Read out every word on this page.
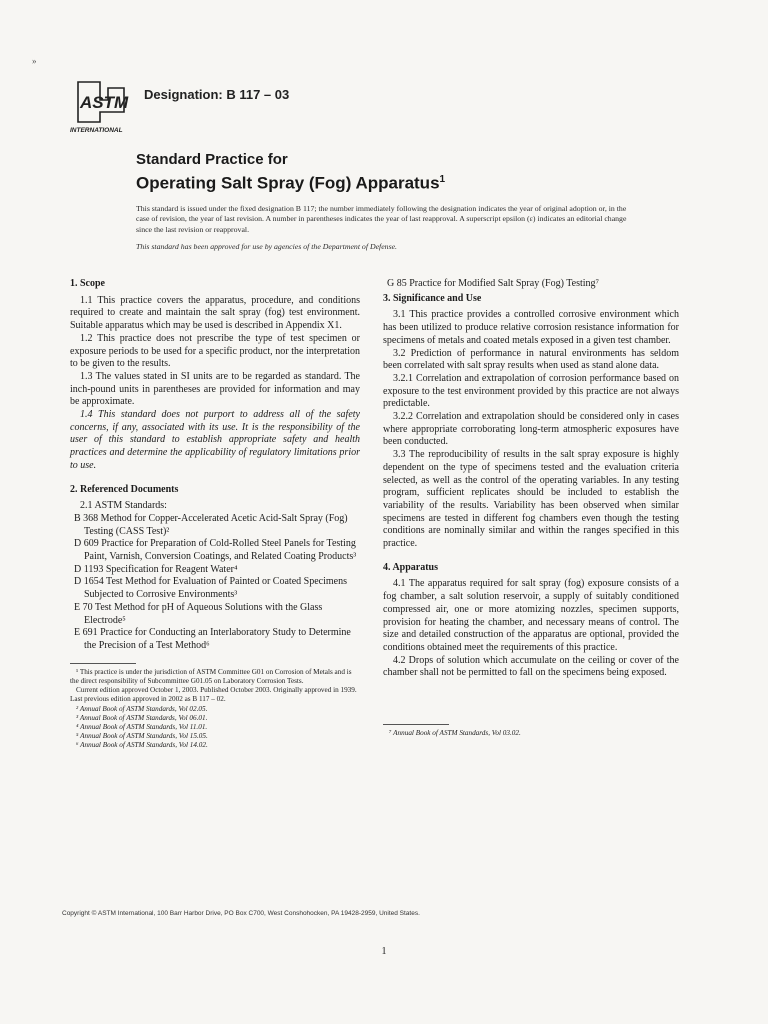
»
ASTM
INTERNATIONAL
Designation: B 117 – 03
Standard Practice for
Operating Salt Spray (Fog) Apparatus$^1$
This standard is issued under the fixed designation B 117; the number immediately following the designation indicates the year of original adoption or, in the case of revision, the year of last revision. A number in parentheses indicates the year of last reapproval. A superscript epsilon (ε) indicates an editorial change since the last revision or reapproval.
This standard has been approved for use by agencies of the Department of Defense.

1. Scope

1.1 This practice covers the apparatus, procedure, and conditions required to create and maintain the salt spray (fog) test environment. Suitable apparatus which may be used is described in Appendix X1.

1.2 This practice does not prescribe the type of test specimen or exposure periods to be used for a specific product, nor the interpretation to be given to the results.

1.3 The values stated in SI units are to be regarded as standard. The inch-pound units in parentheses are provided for information and may be approximate.

1.4 This standard does not purport to address all of the safety concerns, if any, associated with its use. It is the responsibility of the user of this standard to establish appropriate safety and health practices and determine the applicability of regulatory limitations prior to use.

2. Referenced Documents

2.1 ASTM Standards:

B 368 Method for Copper-Accelerated Acetic Acid-Salt Spray (Fog) Testing (CASS Test)²

D 609 Practice for Preparation of Cold-Rolled Steel Panels for Testing Paint, Varnish, Conversion Coatings, and Related Coating Products³

D 1193 Specification for Reagent Water⁴

D 1654 Test Method for Evaluation of Painted or Coated Specimens Subjected to Corrosive Environments³

E 70 Test Method for pH of Aqueous Solutions with the Glass Electrode⁵

E 691 Practice for Conducting an Interlaboratory Study to Determine the Precision of a Test Method⁶

¹ This practice is under the jurisdiction of ASTM Committee G01 on Corrosion of Metals and is the direct responsibility of Subcommittee G01.05 on Laboratory Corrosion Tests.

Current edition approved October 1, 2003. Published October 2003. Originally approved in 1939. Last previous edition approved in 2002 as B 117 – 02.

² Annual Book of ASTM Standards, Vol 02.05.

³ Annual Book of ASTM Standards, Vol 06.01.

⁴ Annual Book of ASTM Standards, Vol 11.01.

⁵ Annual Book of ASTM Standards, Vol 15.05.

⁶ Annual Book of ASTM Standards, Vol 14.02.

G 85 Practice for Modified Salt Spray (Fog) Testing⁷

3. Significance and Use

3.1 This practice provides a controlled corrosive environment which has been utilized to produce relative corrosion resistance information for specimens of metals and coated metals exposed in a given test chamber.

3.2 Prediction of performance in natural environments has seldom been correlated with salt spray results when used as stand alone data.

3.2.1 Correlation and extrapolation of corrosion performance based on exposure to the test environment provided by this practice are not always predictable.

3.2.2 Correlation and extrapolation should be considered only in cases where appropriate corroborating long-term atmospheric exposures have been conducted.

3.3 The reproducibility of results in the salt spray exposure is highly dependent on the type of specimens tested and the evaluation criteria selected, as well as the control of the operating variables. In any testing program, sufficient replicates should be included to establish the variability of the results. Variability has been observed when similar specimens are tested in different fog chambers even though the testing conditions are nominally similar and within the ranges specified in this practice.

4. Apparatus

4.1 The apparatus required for salt spray (fog) exposure consists of a fog chamber, a salt solution reservoir, a supply of suitably conditioned compressed air, one or more atomizing nozzles, specimen supports, provision for heating the chamber, and necessary means of control. The size and detailed construction of the apparatus are optional, provided the conditions obtained meet the requirements of this practice.

4.2 Drops of solution which accumulate on the ceiling or cover of the chamber shall not be permitted to fall on the specimens being exposed.

⁷ Annual Book of ASTM Standards, Vol 03.02.

Copyright © ASTM International, 100 Barr Harbor Drive, PO Box C700, West Conshohocken, PA 19428-2959, United States.
1
